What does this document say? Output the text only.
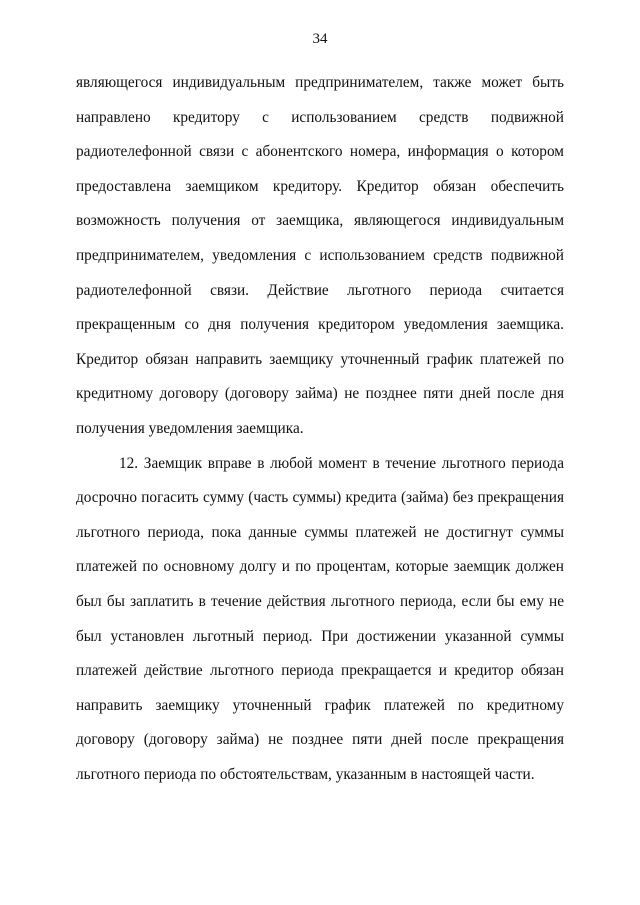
34
являющегося индивидуальным предпринимателем, также может быть
направлено кредитору с использованием средств подвижной
радиотелефонной связи с абонентского номера, информация о котором
предоставлена заемщиком кредитору. Кредитор обязан обеспечить
возможность получения от заемщика, являющегося индивидуальным
предпринимателем, уведомления с использованием средств подвижной
радиотелефонной связи. Действие льготного периода считается
прекращенным со дня получения кредитором уведомления заемщика.
Кредитор обязан направить заемщику уточненный график платежей по
кредитному договору (договору займа) не позднее пяти дней после дня
получения уведомления заемщика.
12. Заемщик вправе в любой момент в течение льготного периода
досрочно погасить сумму (часть суммы) кредита (займа) без прекращения
льготного периода, пока данные суммы платежей не достигнут суммы
платежей по основному долгу и по процентам, которые заемщик должен
был бы заплатить в течение действия льготного периода, если бы ему не
был установлен льготный период. При достижении указанной суммы
платежей действие льготного периода прекращается и кредитор обязан
направить заемщику уточненный график платежей по кредитному
договору (договору займа) не позднее пяти дней после прекращения
льготного периода по обстоятельствам, указанным в настоящей части.
